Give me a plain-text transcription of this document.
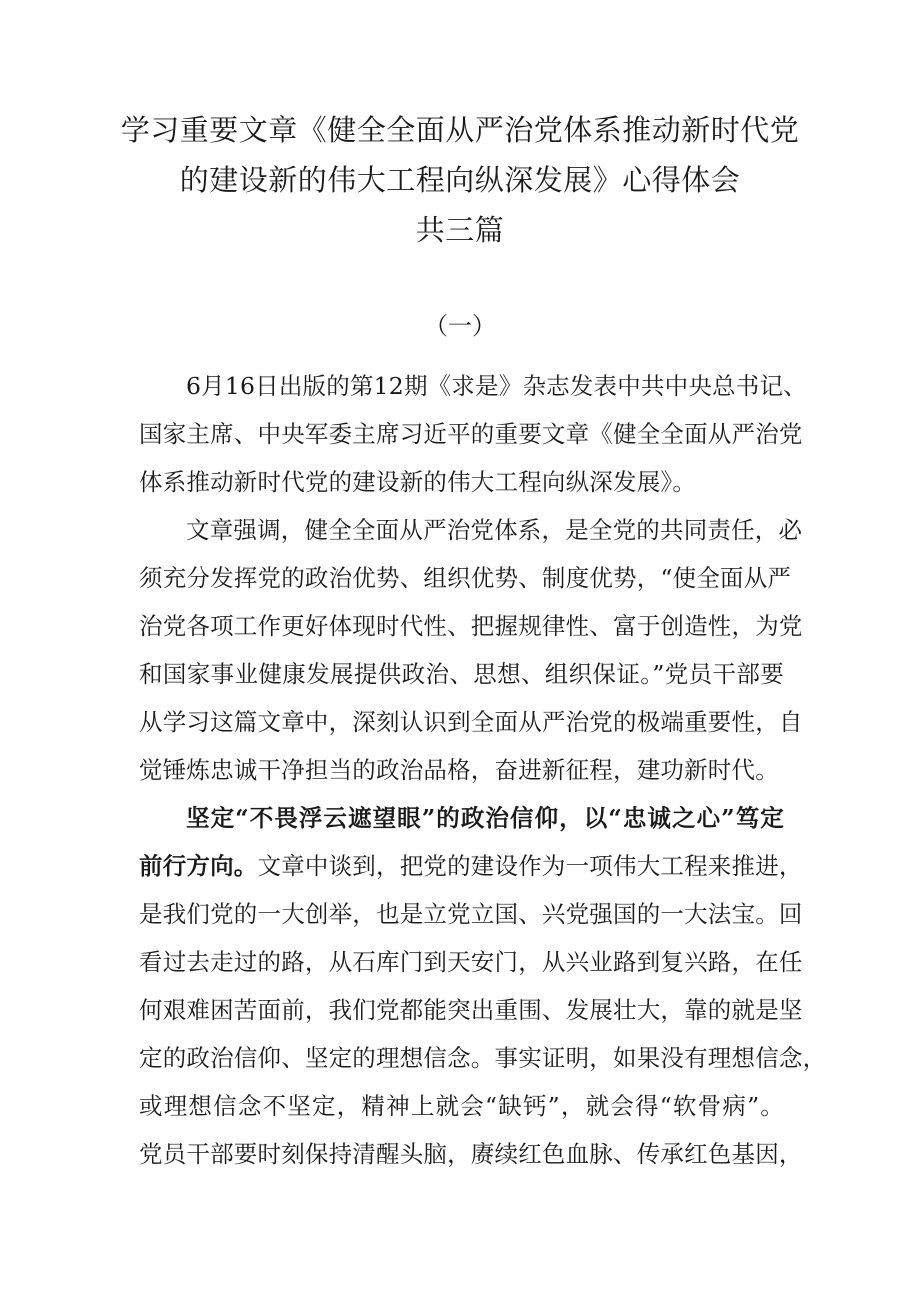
学习重要文章《健全全面从严治党体系推动新时代党
的建设新的伟大工程向纵深发展》心得体会
共三篇
（一）
6月16日出版的第12期《求是》杂志发表中共中央总书记、
国家主席、中央军委主席习近平的重要文章《健全全面从严治党
体系推动新时代党的建设新的伟大工程向纵深发展》。
文章强调，健全全面从严治党体系，是全党的共同责任，必
须充分发挥党的政治优势、组织优势、制度优势，“使全面从严
治党各项工作更好体现时代性、把握规律性、富于创造性，为党
和国家事业健康发展提供政治、思想、组织保证。”党员干部要
从学习这篇文章中，深刻认识到全面从严治党的极端重要性，自
觉锤炼忠诚干净担当的政治品格，奋进新征程，建功新时代。
坚定“不畏浮云遮望眼”的政治信仰，以“忠诚之心”笃定
前行方向。文章中谈到，把党的建设作为一项伟大工程来推进，
是我们党的一大创举，也是立党立国、兴党强国的一大法宝。回
看过去走过的路，从石库门到天安门，从兴业路到复兴路，在任
何艰难困苦面前，我们党都能突出重围、发展壮大，靠的就是坚
定的政治信仰、坚定的理想信念。事实证明，如果没有理想信念，
或理想信念不坚定，精神上就会“缺钙”，就会得“软骨病”。
党员干部要时刻保持清醒头脑，赓续红色血脉、传承红色基因，
